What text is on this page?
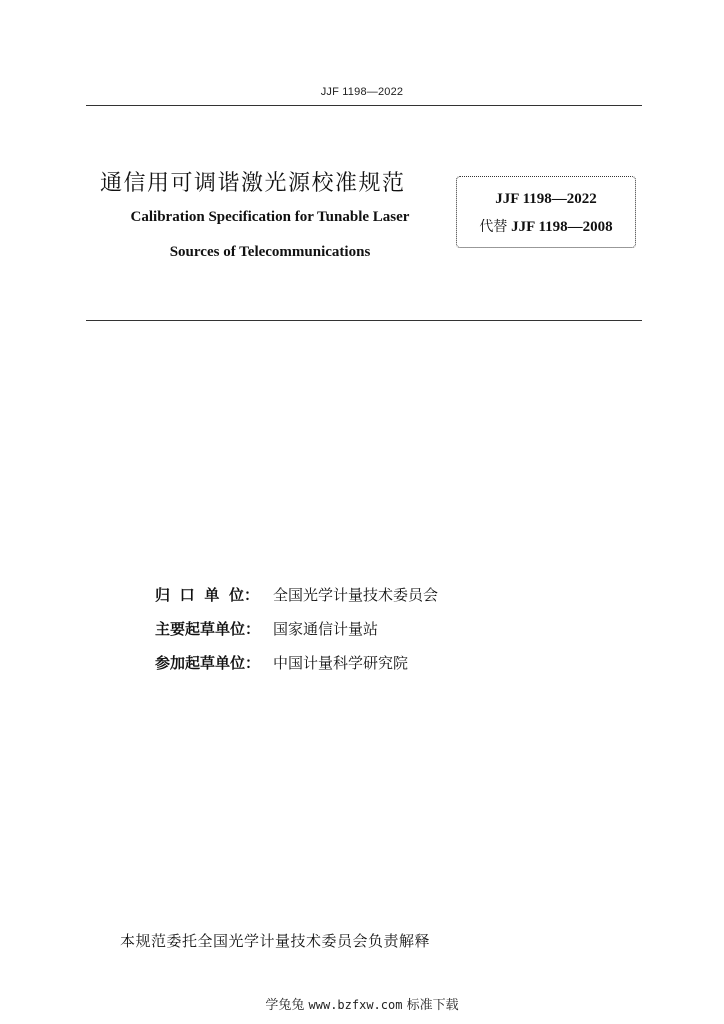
JJF 1198—2022
通信用可调谐激光源校准规范
Calibration Specification for Tunable Laser
Sources of Telecommunications
JJF 1198—2022
代替 JJF 1198—2008
归 口 单 位： 全国光学计量技术委员会
主要起草单位： 国家通信计量站
参加起草单位： 中国计量科学研究院
本规范委托全国光学计量技术委员会负责解释
学兔兔 www.bzfxw.com 标准下载
